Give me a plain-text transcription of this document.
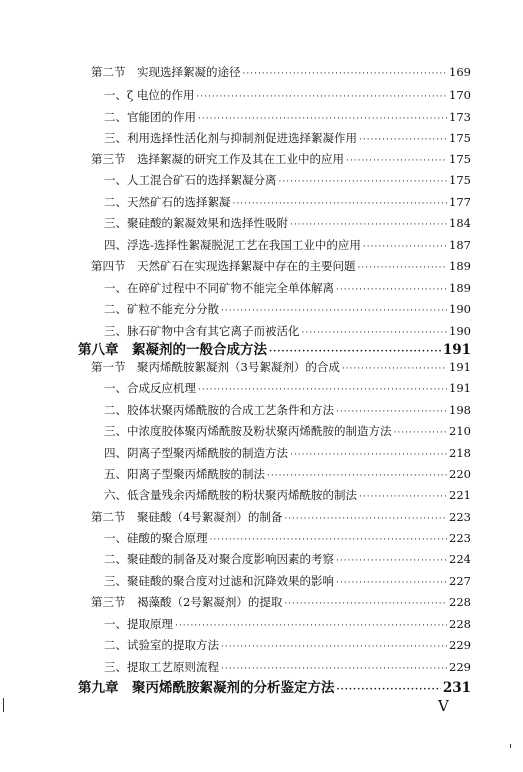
第二节　实现选择絮凝的途径 ·····	169
一、ζ 电位的作用 ·····	170
二、官能团的作用 ·····	173
三、利用选择性活化剂与抑制剂促进选择絮凝作用 ·····	175
第三节　选择絮凝的研究工作及其在工业中的应用 ·····	175
一、人工混合矿石的选择絮凝分离 ·····	175
二、天然矿石的选择絮凝 ·····	177
三、聚硅酸的絮凝效果和选择性吸附 ·····	184
四、浮选-选择性絮凝脱泥工艺在我国工业中的应用 ·····	187
第四节　天然矿石在实现选择絮凝中存在的主要问题 ·····	189
一、在碎矿过程中不同矿物不能完全单体解离 ·····	189
二、矿粒不能充分分散 ·····	190
三、脉石矿物中含有其它离子而被活化 ·····	190
第八章　絮凝剂的一般合成方法 ·····	191
第一节　聚丙烯酰胺絮凝剂（3号絮凝剂）的合成 ·····	191
一、合成反应机理 ·····	191
二、胶体状聚丙烯酰胺的合成工艺条件和方法 ·····	198
三、中浓度胶体聚丙烯酰胺及粉状聚丙烯酰胺的制造方法 ·····	210
四、阴离子型聚丙烯酰胺的制造方法 ·····	218
五、阳离子型聚丙烯酰胺的制法 ·····	220
六、低含量残余丙烯酰胺的粉状聚丙烯酰胺的制法 ·····	221
第二节　聚硅酸（4号絮凝剂）的制备 ·····	223
一、硅酸的聚合原理 ·····	223
二、聚硅酸的制备及对聚合度影响因素的考察 ·····	224
三、聚硅酸的聚合度对过滤和沉降效果的影响 ·····	227
第三节　褐藻酸（2号絮凝剂）的提取 ·····	228
一、提取原理 ·····	228
二、试验室的提取方法 ·····	229
三、提取工艺原则流程 ·····	229
第九章　聚丙烯酰胺絮凝剂的分析鉴定方法 ·····	231
V
